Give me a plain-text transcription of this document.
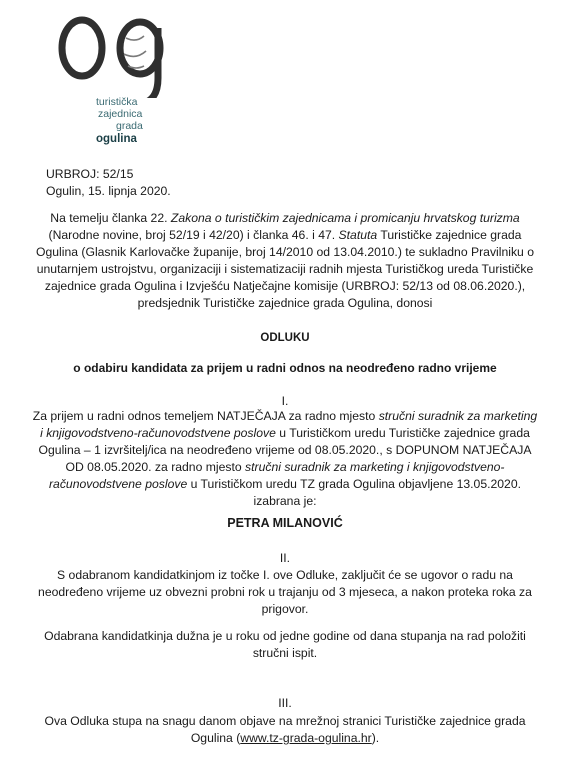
turistička
zajednica
grada
ogulina
URBROJ: 52/15
Ogulin, 15. lipnja 2020.
Na temelju članka 22. Zakona o turističkim zajednicama i promicanju hrvatskog turizma (Narodne novine, broj 52/19 i 42/20) i članka 46. i 47. Statuta Turističke zajednice grada Ogulina (Glasnik Karlovačke županije, broj 14/2010 od 13.04.2010.) te sukladno Pravilniku o unutarnjem ustrojstvu, organizaciji i sistematizaciji radnih mjesta Turističkog ureda Turističke zajednice grada Ogulina i Izvješću Natječajne komisije (URBROJ: 52/13 od 08.06.2020.), predsjednik Turističke zajednice grada Ogulina, donosi
ODLUKU
o odabiru kandidata za prijem u radni odnos na neodređeno radno vrijeme
I.
Za prijem u radni odnos temeljem NATJEČAJA za radno mjesto stručni suradnik za marketing i knjigovodstveno-računovodstvene poslove u Turističkom uredu Turističke zajednice grada Ogulina – 1 izvršitelj/ica na neodređeno vrijeme od 08.05.2020., s DOPUNOM NATJEČAJA OD 08.05.2020. za radno mjesto stručni suradnik za marketing i knjigovodstveno-računovodstvene poslove u Turističkom uredu TZ grada Ogulina objavljene 13.05.2020. izabrana je:
PETRA MILANOVIĆ
II.
S odabranom kandidatkinjom iz točke I. ove Odluke, zaključit će se ugovor o radu na neodređeno vrijeme uz obvezni probni rok u trajanju od 3 mjeseca, a nakon proteka roka za prigovor.
Odabrana kandidatkinja dužna je u roku od jedne godine od dana stupanja na rad položiti stručni ispit.
III.
Ova Odluka stupa na snagu danom objave na mrežnoj stranici Turističke zajednice grada Ogulina (www.tz-grada-ogulina.hr).
